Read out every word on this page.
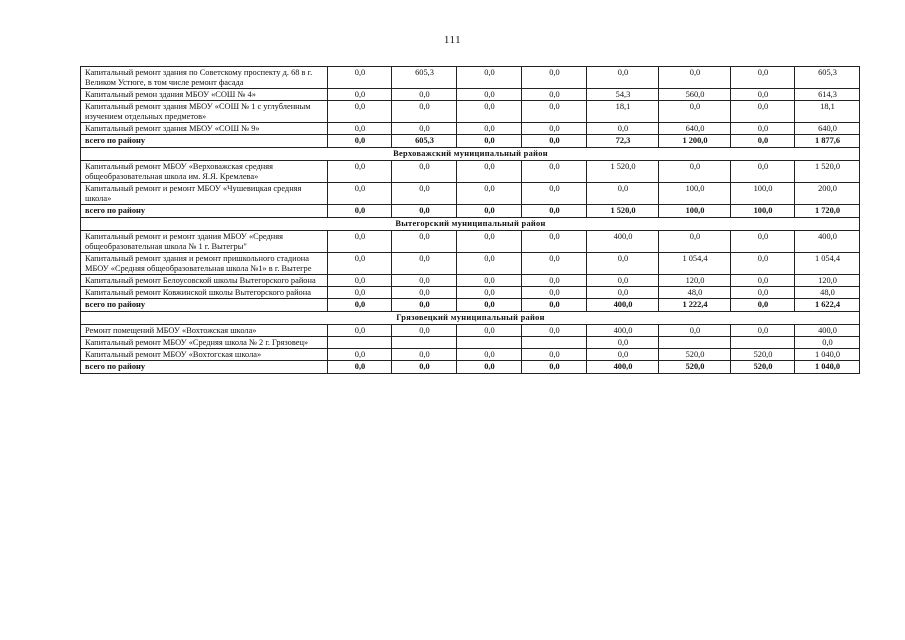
111
Капитальный ремонт здания по Советскому проспекту д. 68 в г. Великом Устюге, в том числе ремонт фасада	0,0	605,3	0,0	0,0	0,0	0,0	0,0	605,3
Капитальный ремон здания МБОУ «СОШ № 4»	0,0	0,0	0,0	0,0	54,3	560,0	0,0	614,3
Капитальный ремонт здания МБОУ «СОШ № 1 с углубленным изучением отдельных предметов»	0,0	0,0	0,0	0,0	18,1	0,0	0,0	18,1
Капитальный ремонт здания МБОУ «СОШ № 9»	0,0	0,0	0,0	0,0	0,0	640,0	0,0	640,0
всего по району	0,0	605,3	0,0	0,0	72,3	1 200,0	0,0	1 877,6
Верховажский муниципальный район								
Капитальный ремонт МБОУ «Верховажская средняя общеобразовательная школа им. Я.Я. Кремлева»	0,0	0,0	0,0	0,0	1 520,0	0,0	0,0	1 520,0
Капитальный ремонт и ремонт МБОУ «Чушевицкая средняя школа»	0,0	0,0	0,0	0,0	0,0	100,0	100,0	200,0
всего по району	0,0	0,0	0,0	0,0	1 520,0	100,0	100,0	1 720,0
Вытегорский муниципальный район								
Капитальный ремонт и ремонт здания МБОУ «Средняя общеобразовательная школа № 1 г. Вытегры"	0,0	0,0	0,0	0,0	400,0	0,0	0,0	400,0
Капитальный ремонт здания и ремонт пришкольного стадиона МБОУ «Средняя общеобразовательная школа №1» в г. Вытегре	0,0	0,0	0,0	0,0	0,0	1 054,4	0,0	1 054,4
Капитальный ремонт Белоусовской школы Вытегорского района	0,0	0,0	0,0	0,0	0,0	120,0	0,0	120,0
Капитальный ремонт Ковжинской школы Вытегорского района	0,0	0,0	0,0	0,0	0,0	48,0	0,0	48,0
всего по району	0,0	0,0	0,0	0,0	400,0	1 222,4	0,0	1 622,4
Грязовецкий муниципальный район								
Ремонт помещений МБОУ «Вохтожская школа»	0,0	0,0	0,0	0,0	400,0	0,0	0,0	400,0
Капитальный ремонт МБОУ «Средняя школа № 2 г. Грязовец»					0,0			0,0
Капитальный ремонт МБОУ «Вохтогская школа»	0,0	0,0	0,0	0,0	0,0	520,0	520,0	1 040,0
всего по району	0,0	0,0	0,0	0,0	400,0	520,0	520,0	1 040,0
